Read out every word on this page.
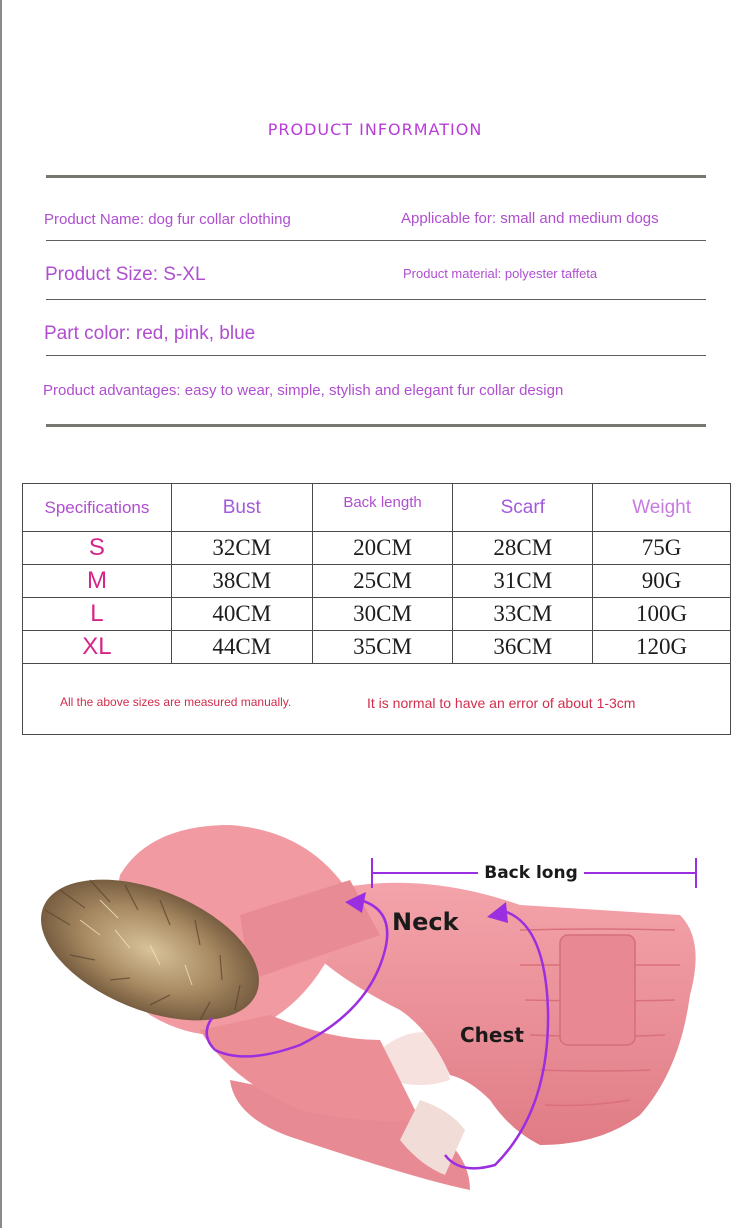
PRODUCT INFORMATION
Product Name: dog fur collar clothing	Applicable for: small and medium dogs
Product Size: S-XL	Product material: polyester taffeta
Part color: red, pink, blue
Product advantages: easy to wear, simple, stylish and elegant fur collar design
Specifications	Bust	Back length	Scarf	Weight
S	32CM	20CM	28CM	75G
M	38CM	25CM	31CM	90G
L	40CM	30CM	33CM	100G
XL	44CM	35CM	36CM	120G

All the above sizes are measured manually. It is normal to have an error of about 1-3cm				
Back long
Neck
Chest
